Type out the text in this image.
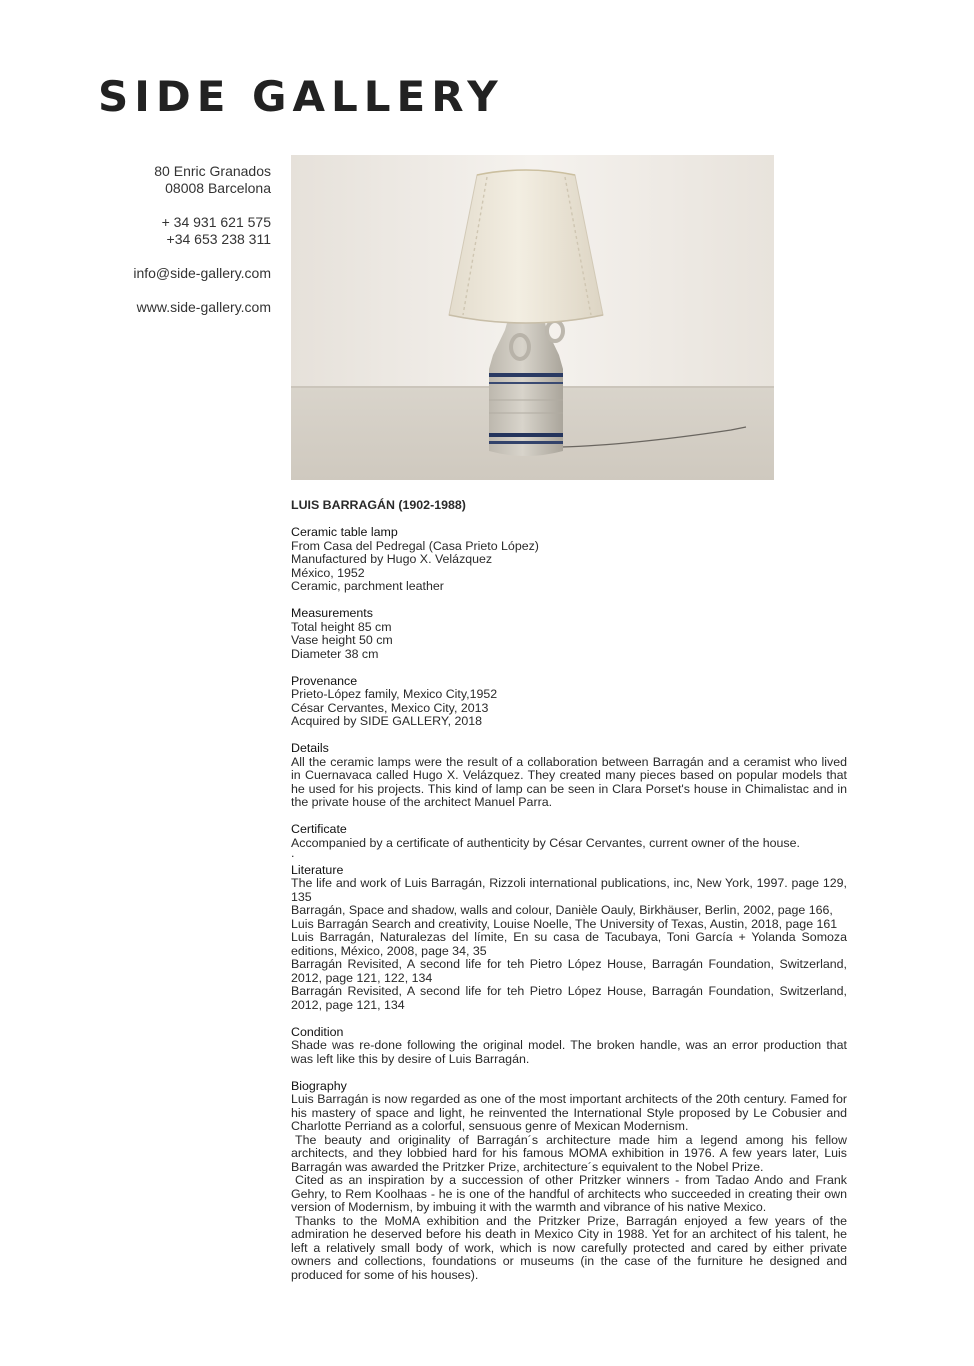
SIDE GALLERY
80 Enric Granados
08008 Barcelona
+ 34 931 621 575
+34 653 238 311
info@side-gallery.com
www.side-gallery.com
LUIS BARRAGÁN (1902-1988)
Ceramic table lamp
From Casa del Pedregal (Casa Prieto López)
Manufactured by Hugo X. Velázquez
México, 1952
Ceramic, parchment leather
Measurements
Total height 85 cm
Vase height 50 cm
Diameter 38 cm
Provenance
Prieto-López family, Mexico City,1952
César Cervantes, Mexico City, 2013
Acquired by SIDE GALLERY, 2018
Details
All the ceramic lamps were the result of a collaboration between Barragán and a ceramist who lived in Cuernavaca called Hugo X. Velázquez. They created many pieces based on popular models that he used for his projects. This kind of lamp can be seen in Clara Porset's house in Chimalistac and in the private house of the architect Manuel Parra.
Certificate
Accompanied by a certificate of authenticity by César Cervantes, current owner of the house.
.
Literature
The life and work of Luis Barragán, Rizzoli international publications, inc, New York, 1997. page 129, 135
Barragán, Space and shadow, walls and colour, Danièle Oauly, Birkhäuser, Berlin, 2002, page 166,
Luis Barragán Search and creativity, Louise Noelle, The University of Texas, Austin, 2018, page 161
Luis Barragán, Naturalezas del límite, En su casa de Tacubaya, Toni García + Yolanda Somoza editions, México, 2008, page 34, 35
Barragán Revisited, A second life for teh Pietro López House, Barragán Foundation, Switzerland, 2012, page 121, 122, 134
Barragán Revisited, A second life for teh Pietro López House, Barragán Foundation, Switzerland, 2012, page 121, 134
Condition
Shade was re-done following the original model. The broken handle, was an error production that was left like this by desire of Luis Barragán.
Biography
Luis Barragán is now regarded as one of the most important architects of the 20th century. Famed for his mastery of space and light, he reinvented the International Style proposed by Le Cobusier and Charlotte Perriand as a colorful, sensuous genre of Mexican Modernism.
The beauty and originality of Barragán´s architecture made him a legend among his fellow architects, and they lobbied hard for his famous MOMA exhibition in 1976. A few years later, Luis Barragán was awarded the Pritzker Prize, architecture´s equivalent to the Nobel Prize.
Cited as an inspiration by a succession of other Pritzker winners - from Tadao Ando and Frank Gehry, to Rem Koolhaas - he is one of the handful of architects who succeeded in creating their own version of Modernism, by imbuing it with the warmth and vibrance of his native Mexico.
Thanks to the MoMA exhibition and the Pritzker Prize, Barragán enjoyed a few years of the admiration he deserved before his death in Mexico City in 1988. Yet for an architect of his talent, he left a relatively small body of work, which is now carefully protected and cared by either private owners and collections, foundations or museums (in the case of the furniture he designed and produced for some of his houses).
